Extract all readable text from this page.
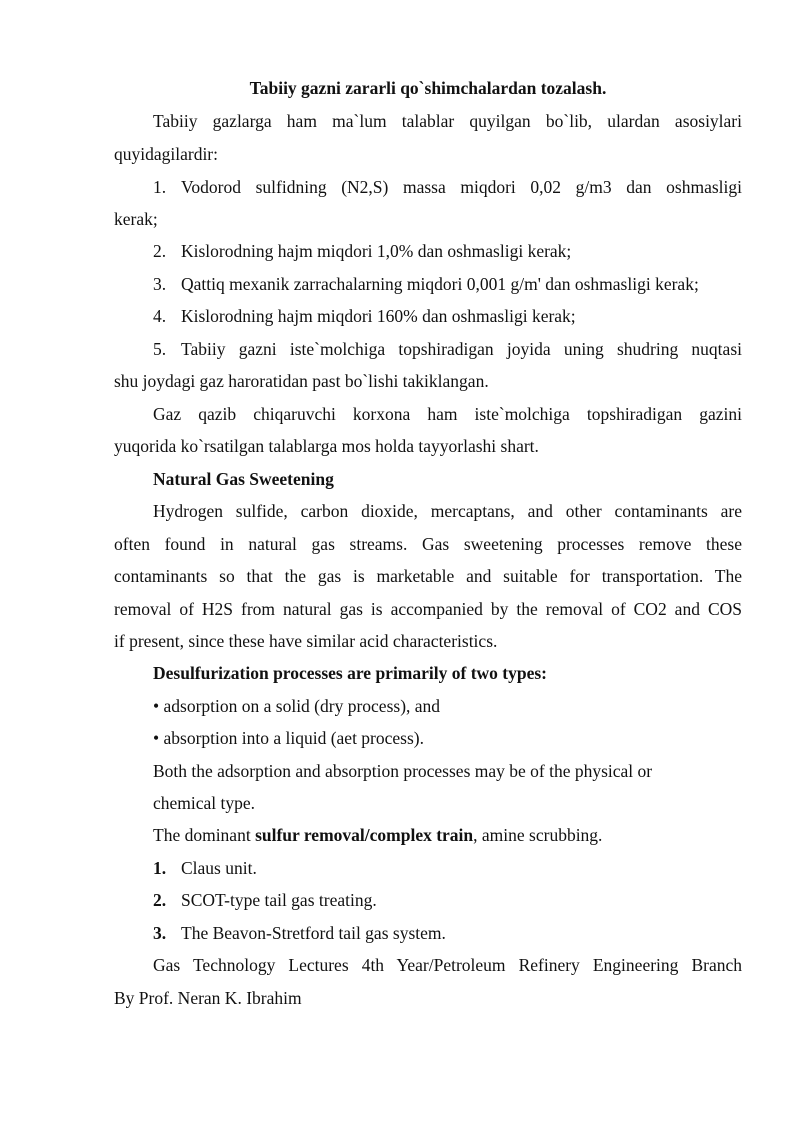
Tabiiy gazni zararli qo`shimchalardan tozalash.
Tabiiy gazlarga ham ma`lum talablar quyilgan bo`lib, ulardan asosiylari
quyidagilardir:
1. Vodorod sulfidning (N2,S) massa miqdori 0,02 g/m3 dan oshmasligi
kerak;
2. Kislorodning hajm miqdori 1,0% dan oshmasligi kerak;
3. Qattiq mexanik zarrachalarning miqdori 0,001 g/m' dan oshmasligi kerak;
4. Kislorodning hajm miqdori 160% dan oshmasligi kerak;
5. Tabiiy gazni iste`molchiga topshiradigan joyida uning shudring nuqtasi
shu joydagi gaz haroratidan past bo`lishi takiklangan.
Gaz qazib chiqaruvchi korxona ham iste`molchiga topshiradigan gazini
yuqorida ko`rsatilgan talablarga mos holda tayyorlashi shart.
Natural Gas Sweetening
Hydrogen sulfide, carbon dioxide, mercaptans, and other contaminants are
often found in natural gas streams. Gas sweetening processes remove these
contaminants so that the gas is marketable and suitable for transportation. The
removal of H2S from natural gas is accompanied by the removal of CO2 and COS
if present, since these have similar acid characteristics.
Desulfurization processes are primarily of two types:
• adsorption on a solid (dry process), and
• absorption into a liquid (aet process).
Both the adsorption and absorption processes may be of the physical or
chemical type.
The dominant sulfur removal/complex train, amine scrubbing.
1. Claus unit.
2. SCOT-type tail gas treating.
3. The Beavon-Stretford tail gas system.
Gas Technology Lectures 4th Year/Petroleum Refinery Engineering Branch
By Prof. Neran K. Ibrahim
